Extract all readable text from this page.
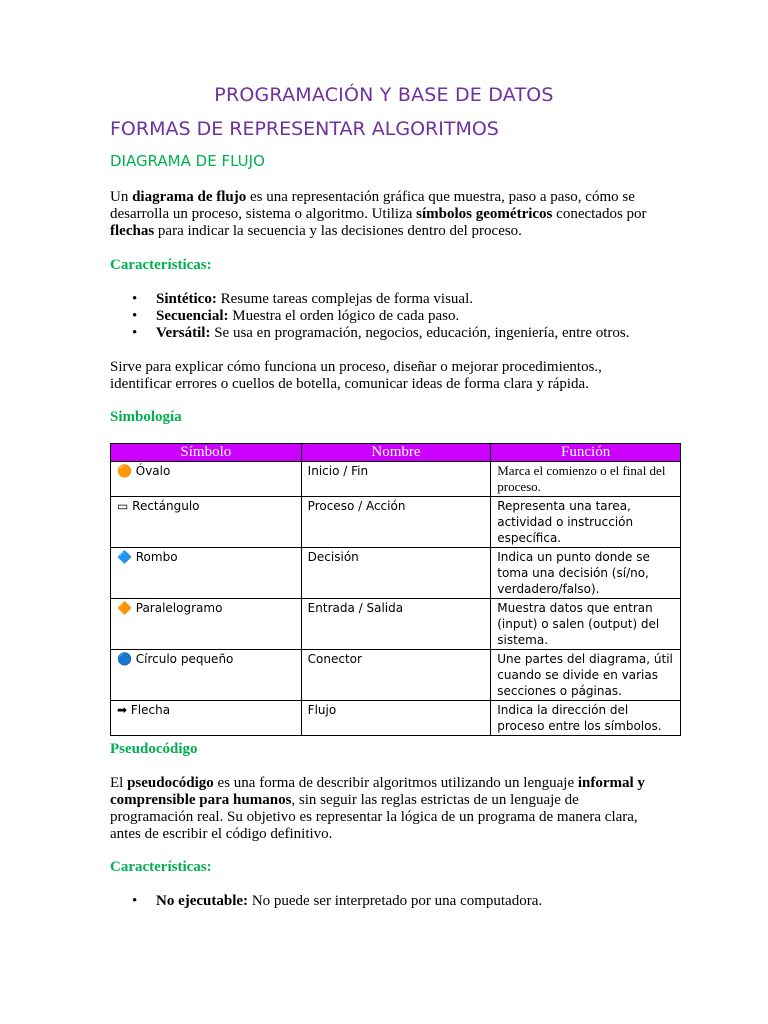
PROGRAMACIÓN Y BASE DE DATOS
FORMAS DE REPRESENTAR ALGORITMOS
DIAGRAMA DE FLUJO
Un diagrama de flujo es una representación gráfica que muestra, paso a paso, cómo se desarrolla un proceso, sistema o algoritmo. Utiliza símbolos geométricos conectados por flechas para indicar la secuencia y las decisiones dentro del proceso.
Características:
• Sintético: Resume tareas complejas de forma visual.
• Secuencial: Muestra el orden lógico de cada paso.
• Versátil: Se usa en programación, negocios, educación, ingeniería, entre otros.
Sirve para explicar cómo funciona un proceso, diseñar o mejorar procedimientos., identificar errores o cuellos de botella, comunicar ideas de forma clara y rápida.
Simbología
Símbolo	Nombre	Función
🟠 Óvalo	Inicio / Fin	Marca el comienzo o el final del proceso.
▭ Rectángulo	Proceso / Acción	Representa una tarea, actividad o instrucción específica.
🔷 Rombo	Decisión	Indica un punto donde se toma una decisión (sí/no, verdadero/falso).
🔶 Paralelogramo	Entrada / Salida	Muestra datos que entran (input) o salen (output) del sistema.
🔵 Círculo pequeño	Conector	Une partes del diagrama, útil cuando se divide en varias secciones o páginas.
➡ Flecha	Flujo	Indica la dirección del proceso entre los símbolos.
Pseudocódigo
El pseudocódigo es una forma de describir algoritmos utilizando un lenguaje informal y comprensible para humanos, sin seguir las reglas estrictas de un lenguaje de programación real. Su objetivo es representar la lógica de un programa de manera clara, antes de escribir el código definitivo.
Características:
• No ejecutable: No puede ser interpretado por una computadora.
